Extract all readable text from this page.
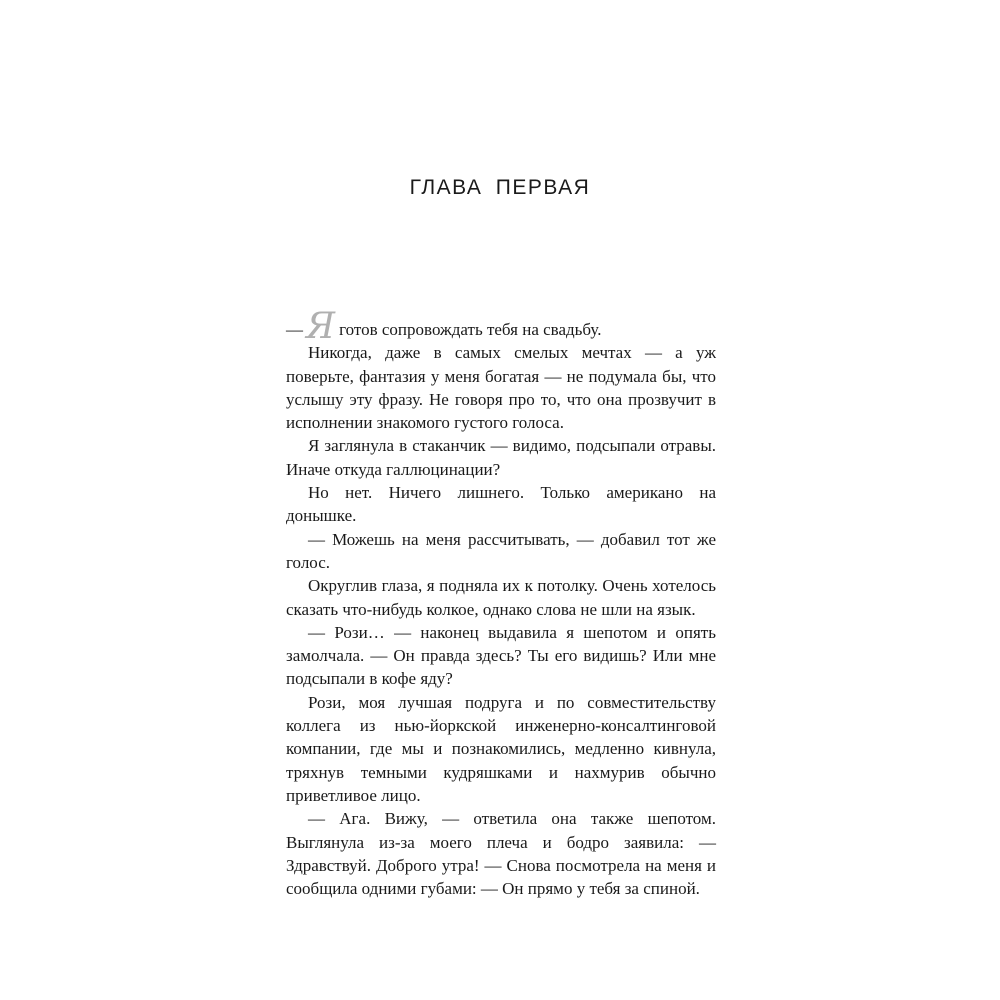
ГЛАВА ПЕРВАЯ

—Я готов сопровождать тебя на свадьбу.

Никогда, даже в самых смелых мечтах — а уж поверьте, фантазия у меня богатая — не подумала бы, что услышу эту фразу. Не говоря про то, что она прозвучит в исполнении знакомого густого голоса.

Я заглянула в стаканчик — видимо, подсыпали отравы. Иначе откуда галлюцинации?

Но нет. Ничего лишнего. Только американо на донышке.

— Можешь на меня рассчитывать, — добавил тот же голос.

Округлив глаза, я подняла их к потолку. Очень хотелось сказать что-нибудь колкое, однако слова не шли на язык.

— Рози… — наконец выдавила я шепотом и опять замолчала. — Он правда здесь? Ты его видишь? Или мне подсыпали в кофе яду?

Рози, моя лучшая подруга и по совместительству коллега из нью-йоркской инженерно-консалтинговой компании, где мы и познакомились, медленно кивнула, тряхнув темными кудряшками и нахмурив обычно приветливое лицо.

— Ага. Вижу, — ответила она также шепотом. Выглянула из-за моего плеча и бодро заявила: — Здравствуй. Доброго утра! — Снова посмотрела на меня и сообщила одними губами: — Он прямо у тебя за спиной.
